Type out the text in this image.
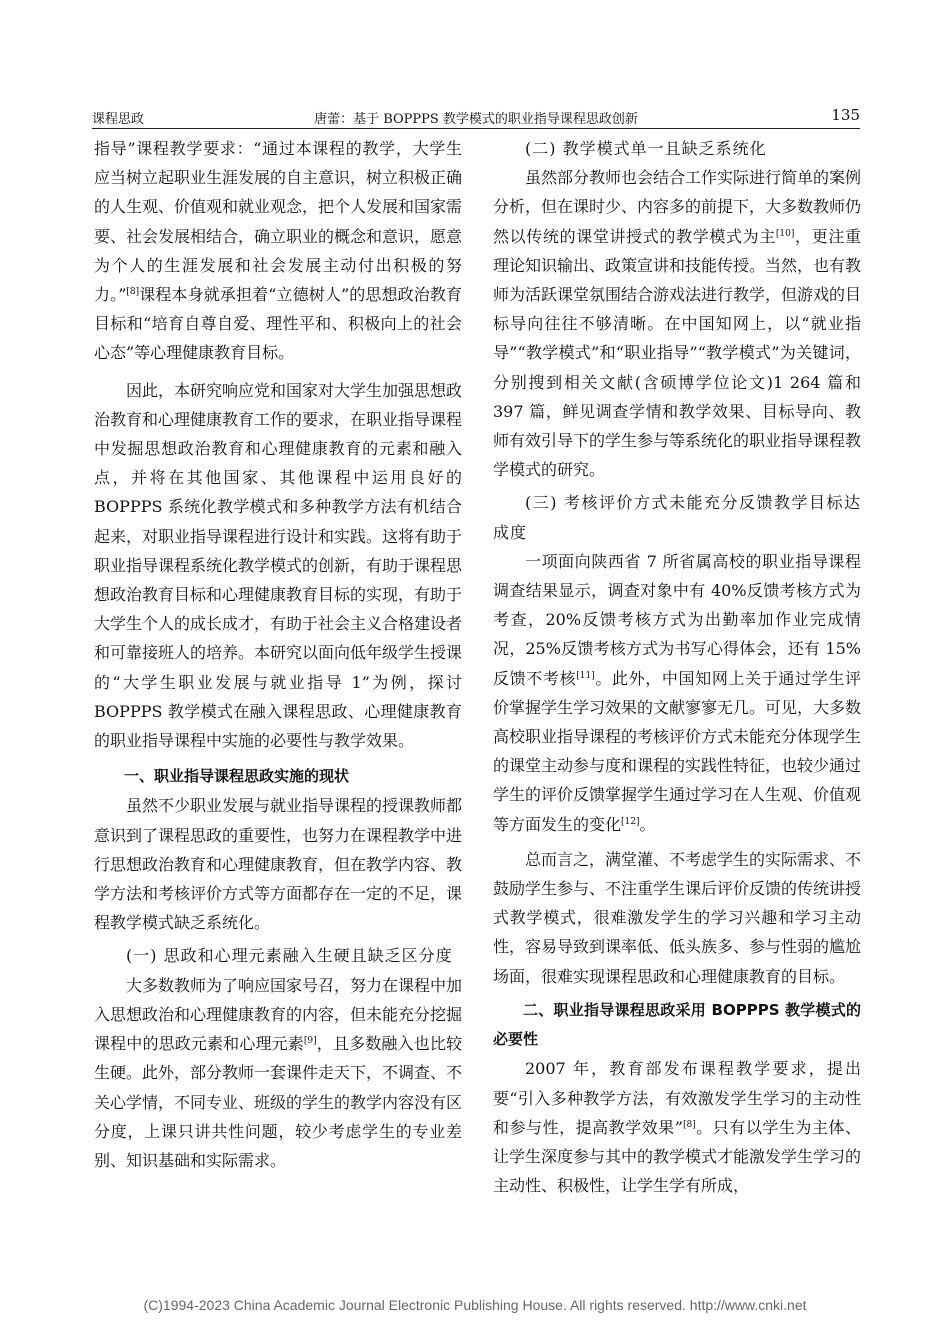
课程思政	唐蕾：基于 BOPPPS 教学模式的职业指导课程思政创新	135

指导”课程教学要求：“通过本课程的教学，大学生应当树立起职业生涯发展的自主意识，树立积极正确的人生观、价值观和就业观念，把个人发展和国家需要、社会发展相结合，确立职业的概念和意识，愿意为个人的生涯发展和社会发展主动付出积极的努力。”[8]课程本身就承担着“立德树人”的思想政治教育目标和“培育自尊自爱、理性平和、积极向上的社会心态”等心理健康教育目标。

因此，本研究响应党和国家对大学生加强思想政治教育和心理健康教育工作的要求，在职业指导课程中发掘思想政治教育和心理健康教育的元素和融入点，并将在其他国家、其他课程中运用良好的 BOPPPS 系统化教学模式和多种教学方法有机结合起来，对职业指导课程进行设计和实践。这将有助于职业指导课程系统化教学模式的创新，有助于课程思想政治教育目标和心理健康教育目标的实现，有助于大学生个人的成长成才，有助于社会主义合格建设者和可靠接班人的培养。本研究以面向低年级学生授课的“大学生职业发展与就业指导 1”为例，探讨 BOPPPS 教学模式在融入课程思政、心理健康教育的职业指导课程中实施的必要性与教学效果。

一、职业指导课程思政实施的现状

虽然不少职业发展与就业指导课程的授课教师都意识到了课程思政的重要性，也努力在课程教学中进行思想政治教育和心理健康教育，但在教学内容、教学方法和考核评价方式等方面都存在一定的不足，课程教学模式缺乏系统化。

(一) 思政和心理元素融入生硬且缺乏区分度

大多数教师为了响应国家号召，努力在课程中加入思想政治和心理健康教育的内容，但未能充分挖掘课程中的思政元素和心理元素[9]，且多数融入也比较生硬。此外，部分教师一套课件走天下，不调查、不关心学情，不同专业、班级的学生的教学内容没有区分度，上课只讲共性问题，较少考虑学生的专业差别、知识基础和实际需求。

(二) 教学模式单一且缺乏系统化

虽然部分教师也会结合工作实际进行简单的案例分析，但在课时少、内容多的前提下，大多数教师仍然以传统的课堂讲授式的教学模式为主[10]，更注重理论知识输出、政策宣讲和技能传授。当然，也有教师为活跃课堂氛围结合游戏法进行教学，但游戏的目标导向往往不够清晰。在中国知网上，以“就业指导”“教学模式”和“职业指导”“教学模式”为关键词，分别搜到相关文献(含硕博学位论文)1 264 篇和 397 篇，鲜见调查学情和教学效果、目标导向、教师有效引导下的学生参与等系统化的职业指导课程教学模式的研究。

(三) 考核评价方式未能充分反馈教学目标达成度

一项面向陕西省 7 所省属高校的职业指导课程调查结果显示，调查对象中有 40%反馈考核方式为考查，20%反馈考核方式为出勤率加作业完成情况，25%反馈考核方式为书写心得体会，还有 15%反馈不考核[11]。此外，中国知网上关于通过学生评价掌握学生学习效果的文献寥寥无几。可见，大多数高校职业指导课程的考核评价方式未能充分体现学生的课堂主动参与度和课程的实践性特征，也较少通过学生的评价反馈掌握学生通过学习在人生观、价值观等方面发生的变化[12]。

总而言之，满堂灌、不考虑学生的实际需求、不鼓励学生参与、不注重学生课后评价反馈的传统讲授式教学模式，很难激发学生的学习兴趣和学习主动性，容易导致到课率低、低头族多、参与性弱的尴尬场面，很难实现课程思政和心理健康教育的目标。

二、职业指导课程思政采用 BOPPPS 教学模式的必要性

2007 年，教育部发布课程教学要求，提出要“引入多种教学方法，有效激发学生学习的主动性和参与性，提高教学效果”[8]。只有以学生为主体、让学生深度参与其中的教学模式才能激发学生学习的主动性、积极性，让学生学有所成，

(C)1994-2023 China Academic Journal Electronic Publishing House. All rights reserved. http://www.cnki.net
